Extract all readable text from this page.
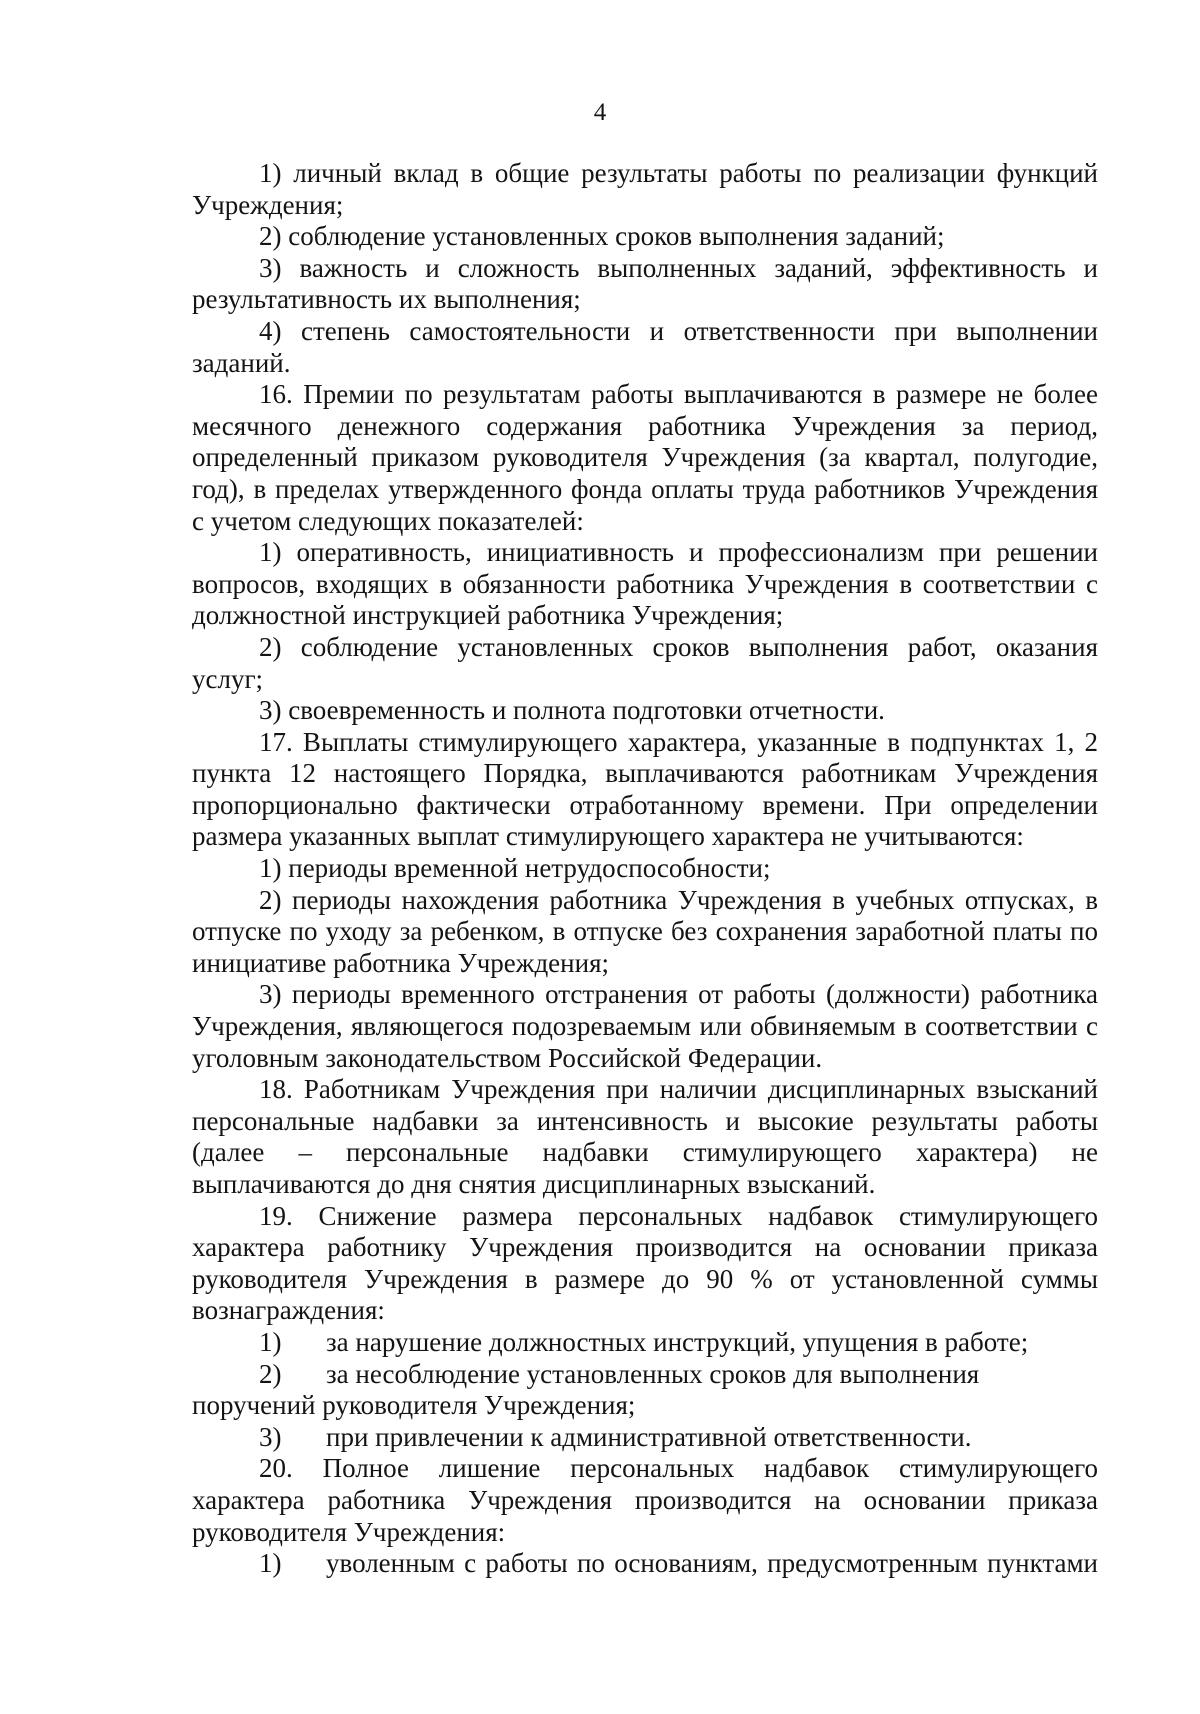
4

1) личный вклад в общие результаты работы по реализации функций Учреждения;

2) соблюдение установленных сроков выполнения заданий;

3) важность и сложность выполненных заданий, эффективность и результативность их выполнения;

4) степень самостоятельности и ответственности при выполнении заданий.

16. Премии по результатам работы выплачиваются в размере не более месячного денежного содержания работника Учреждения за период, определенный приказом руководителя Учреждения (за квартал, полугодие, год), в пределах утвержденного фонда оплаты труда работников Учреждения с учетом следующих показателей:

1) оперативность, инициативность и профессионализм при решении вопросов, входящих в обязанности работника Учреждения в соответствии с должностной инструкцией работника Учреждения;

2) соблюдение установленных сроков выполнения работ, оказания услуг;

3) своевременность и полнота подготовки отчетности.

17. Выплаты стимулирующего характера, указанные в подпунктах 1, 2 пункта 12 настоящего Порядка, выплачиваются работникам Учреждения пропорционально фактически отработанному времени. При определении размера указанных выплат стимулирующего характера не учитываются:

1) периоды временной нетрудоспособности;

2) периоды нахождения работника Учреждения в учебных отпусках, в отпуске по уходу за ребенком, в отпуске без сохранения заработной платы по инициативе работника Учреждения;

3) периоды временного отстранения от работы (должности) работника Учреждения, являющегося подозреваемым или обвиняемым в соответствии с уголовным законодательством Российской Федерации.

18. Работникам Учреждения при наличии дисциплинарных взысканий персональные надбавки за интенсивность и высокие результаты работы (далее – персональные надбавки стимулирующего характера) не выплачиваются до дня снятия дисциплинарных взысканий.

19. Снижение размера персональных надбавок стимулирующего характера работнику Учреждения производится на основании приказа руководителя Учреждения в размере до 90 % от установленной суммы вознаграждения:

1) за нарушение должностных инструкций, упущения в работе;

2) за несоблюдение установленных сроков для выполнения поручений руководителя Учреждения;

3) при привлечении к административной ответственности.

20. Полное лишение персональных надбавок стимулирующего характера работника Учреждения производится на основании приказа руководителя Учреждения:

1) уволенным с работы по основаниям, предусмотренным пунктами
